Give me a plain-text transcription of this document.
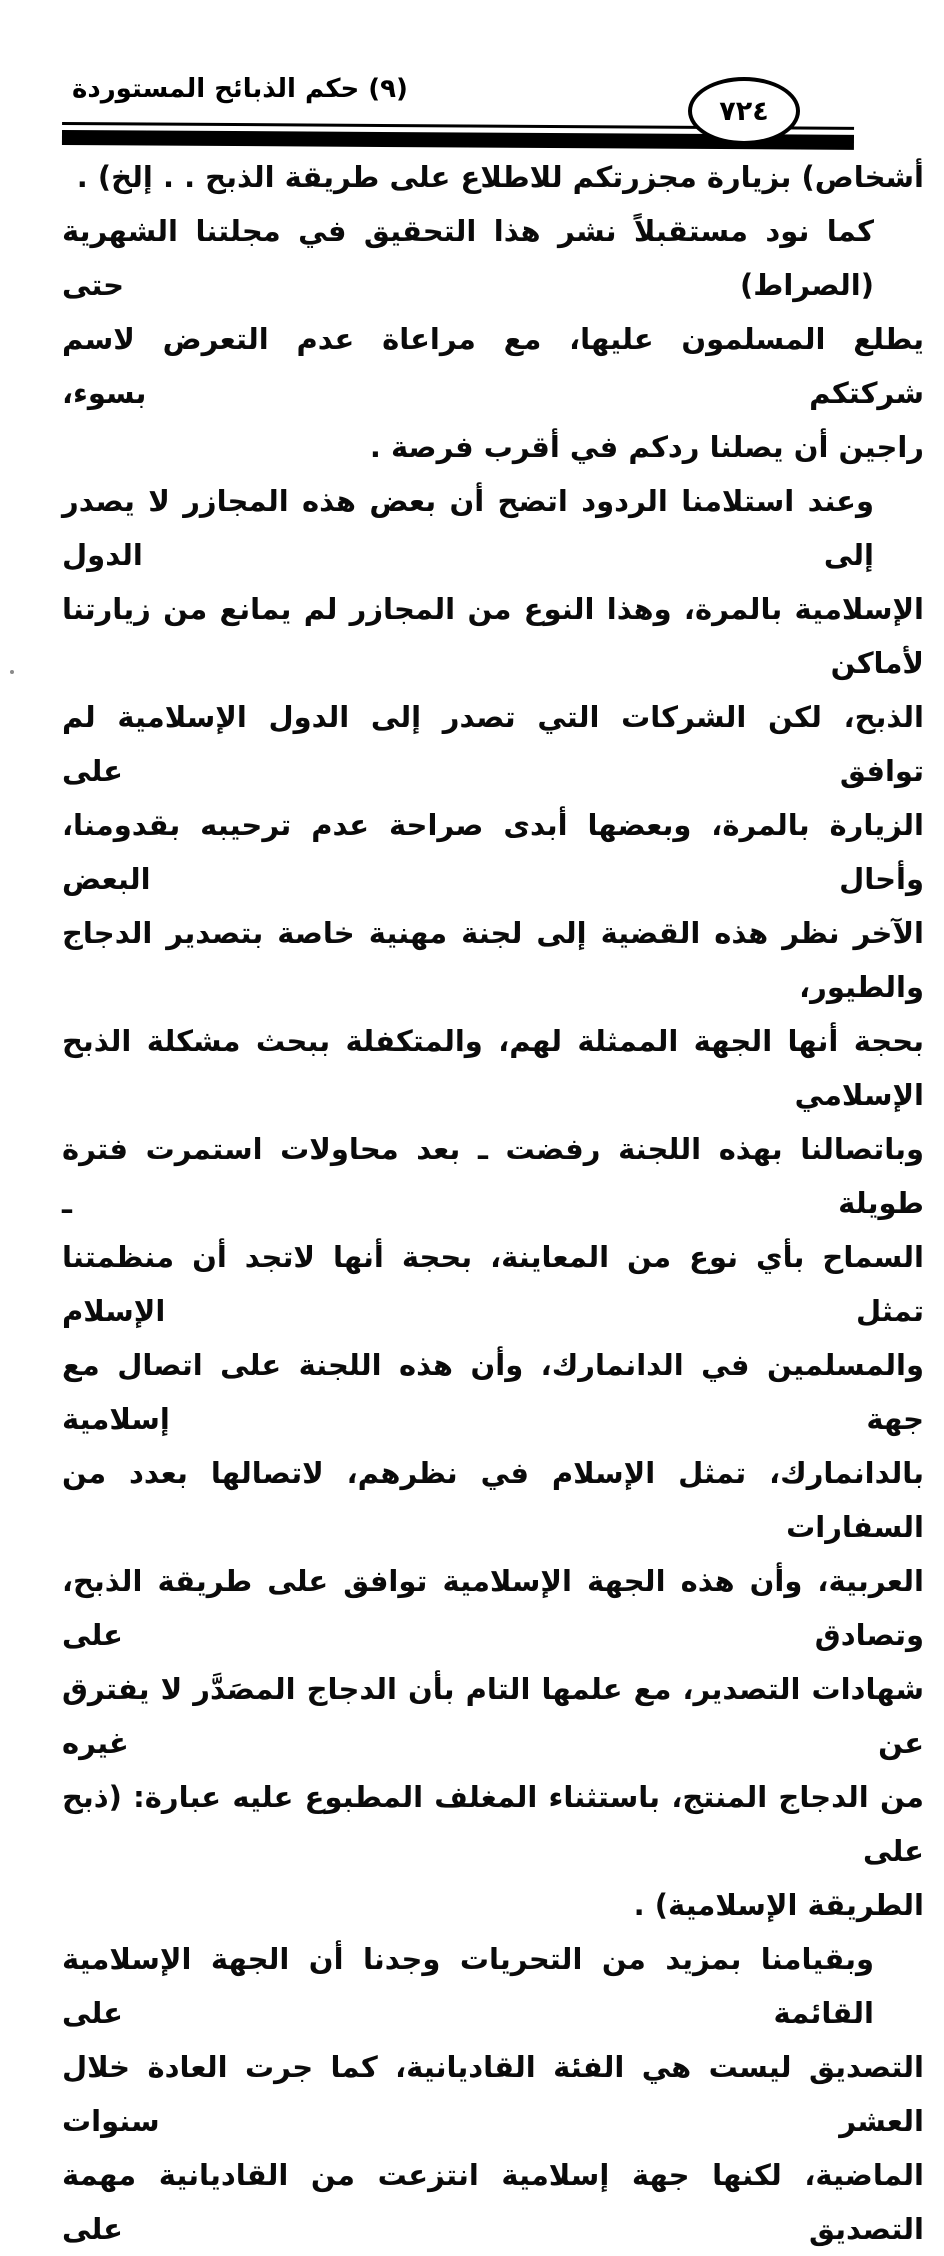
(٩) حكم الذبائح المستوردة
٧٢٤
أشخاص) بزيارة مجزرتكم للاطلاع على طريقة الذبح . . إلخ) .
كما نود مستقبلاً نشر هذا التحقيق في مجلتنا الشهرية (الصراط) حتى
يطلع المسلمون عليها، مع مراعاة عدم التعرض لاسم شركتكم بسوء،
راجين أن يصلنا ردكم في أقرب فرصة .
وعند استلامنا الردود اتضح أن بعض هذه المجازر لا يصدر إلى الدول
الإسلامية بالمرة، وهذا النوع من المجازر لم يمانع من زيارتنا لأماكن
الذبح، لكن الشركات التي تصدر إلى الدول الإسلامية لم توافق على
الزيارة بالمرة، وبعضها أبدى صراحة عدم ترحيبه بقدومنا، وأحال البعض
الآخر نظر هذه القضية إلى لجنة مهنية خاصة بتصدير الدجاج والطيور،
بحجة أنها الجهة الممثلة لهم، والمتكفلة ببحث مشكلة الذبح الإسلامي
وباتصالنا بهذه اللجنة رفضت ـ بعد محاولات استمرت فترة طويلة ـ
السماح بأي نوع من المعاينة، بحجة أنها لاتجد أن منظمتنا تمثل الإسلام
والمسلمين في الدانمارك، وأن هذه اللجنة على اتصال مع جهة إسلامية
بالدانمارك، تمثل الإسلام في نظرهم، لاتصالها بعدد من السفارات
العربية، وأن هذه الجهة الإسلامية توافق على طريقة الذبح، وتصادق على
شهادات التصدير، مع علمها التام بأن الدجاج المصَدَّر لا يفترق عن غيره
من الدجاج المنتج، باستثناء المغلف المطبوع عليه عبارة: (ذبح على
الطريقة الإسلامية) .
وبقيامنا بمزيد من التحريات وجدنا أن الجهة الإسلامية القائمة على
التصديق ليست هي الفئة القاديانية، كما جرت العادة خلال العشر سنوات
الماضية، لكنها جهة إسلامية انتزعت من القاديانية مهمة التصديق على
